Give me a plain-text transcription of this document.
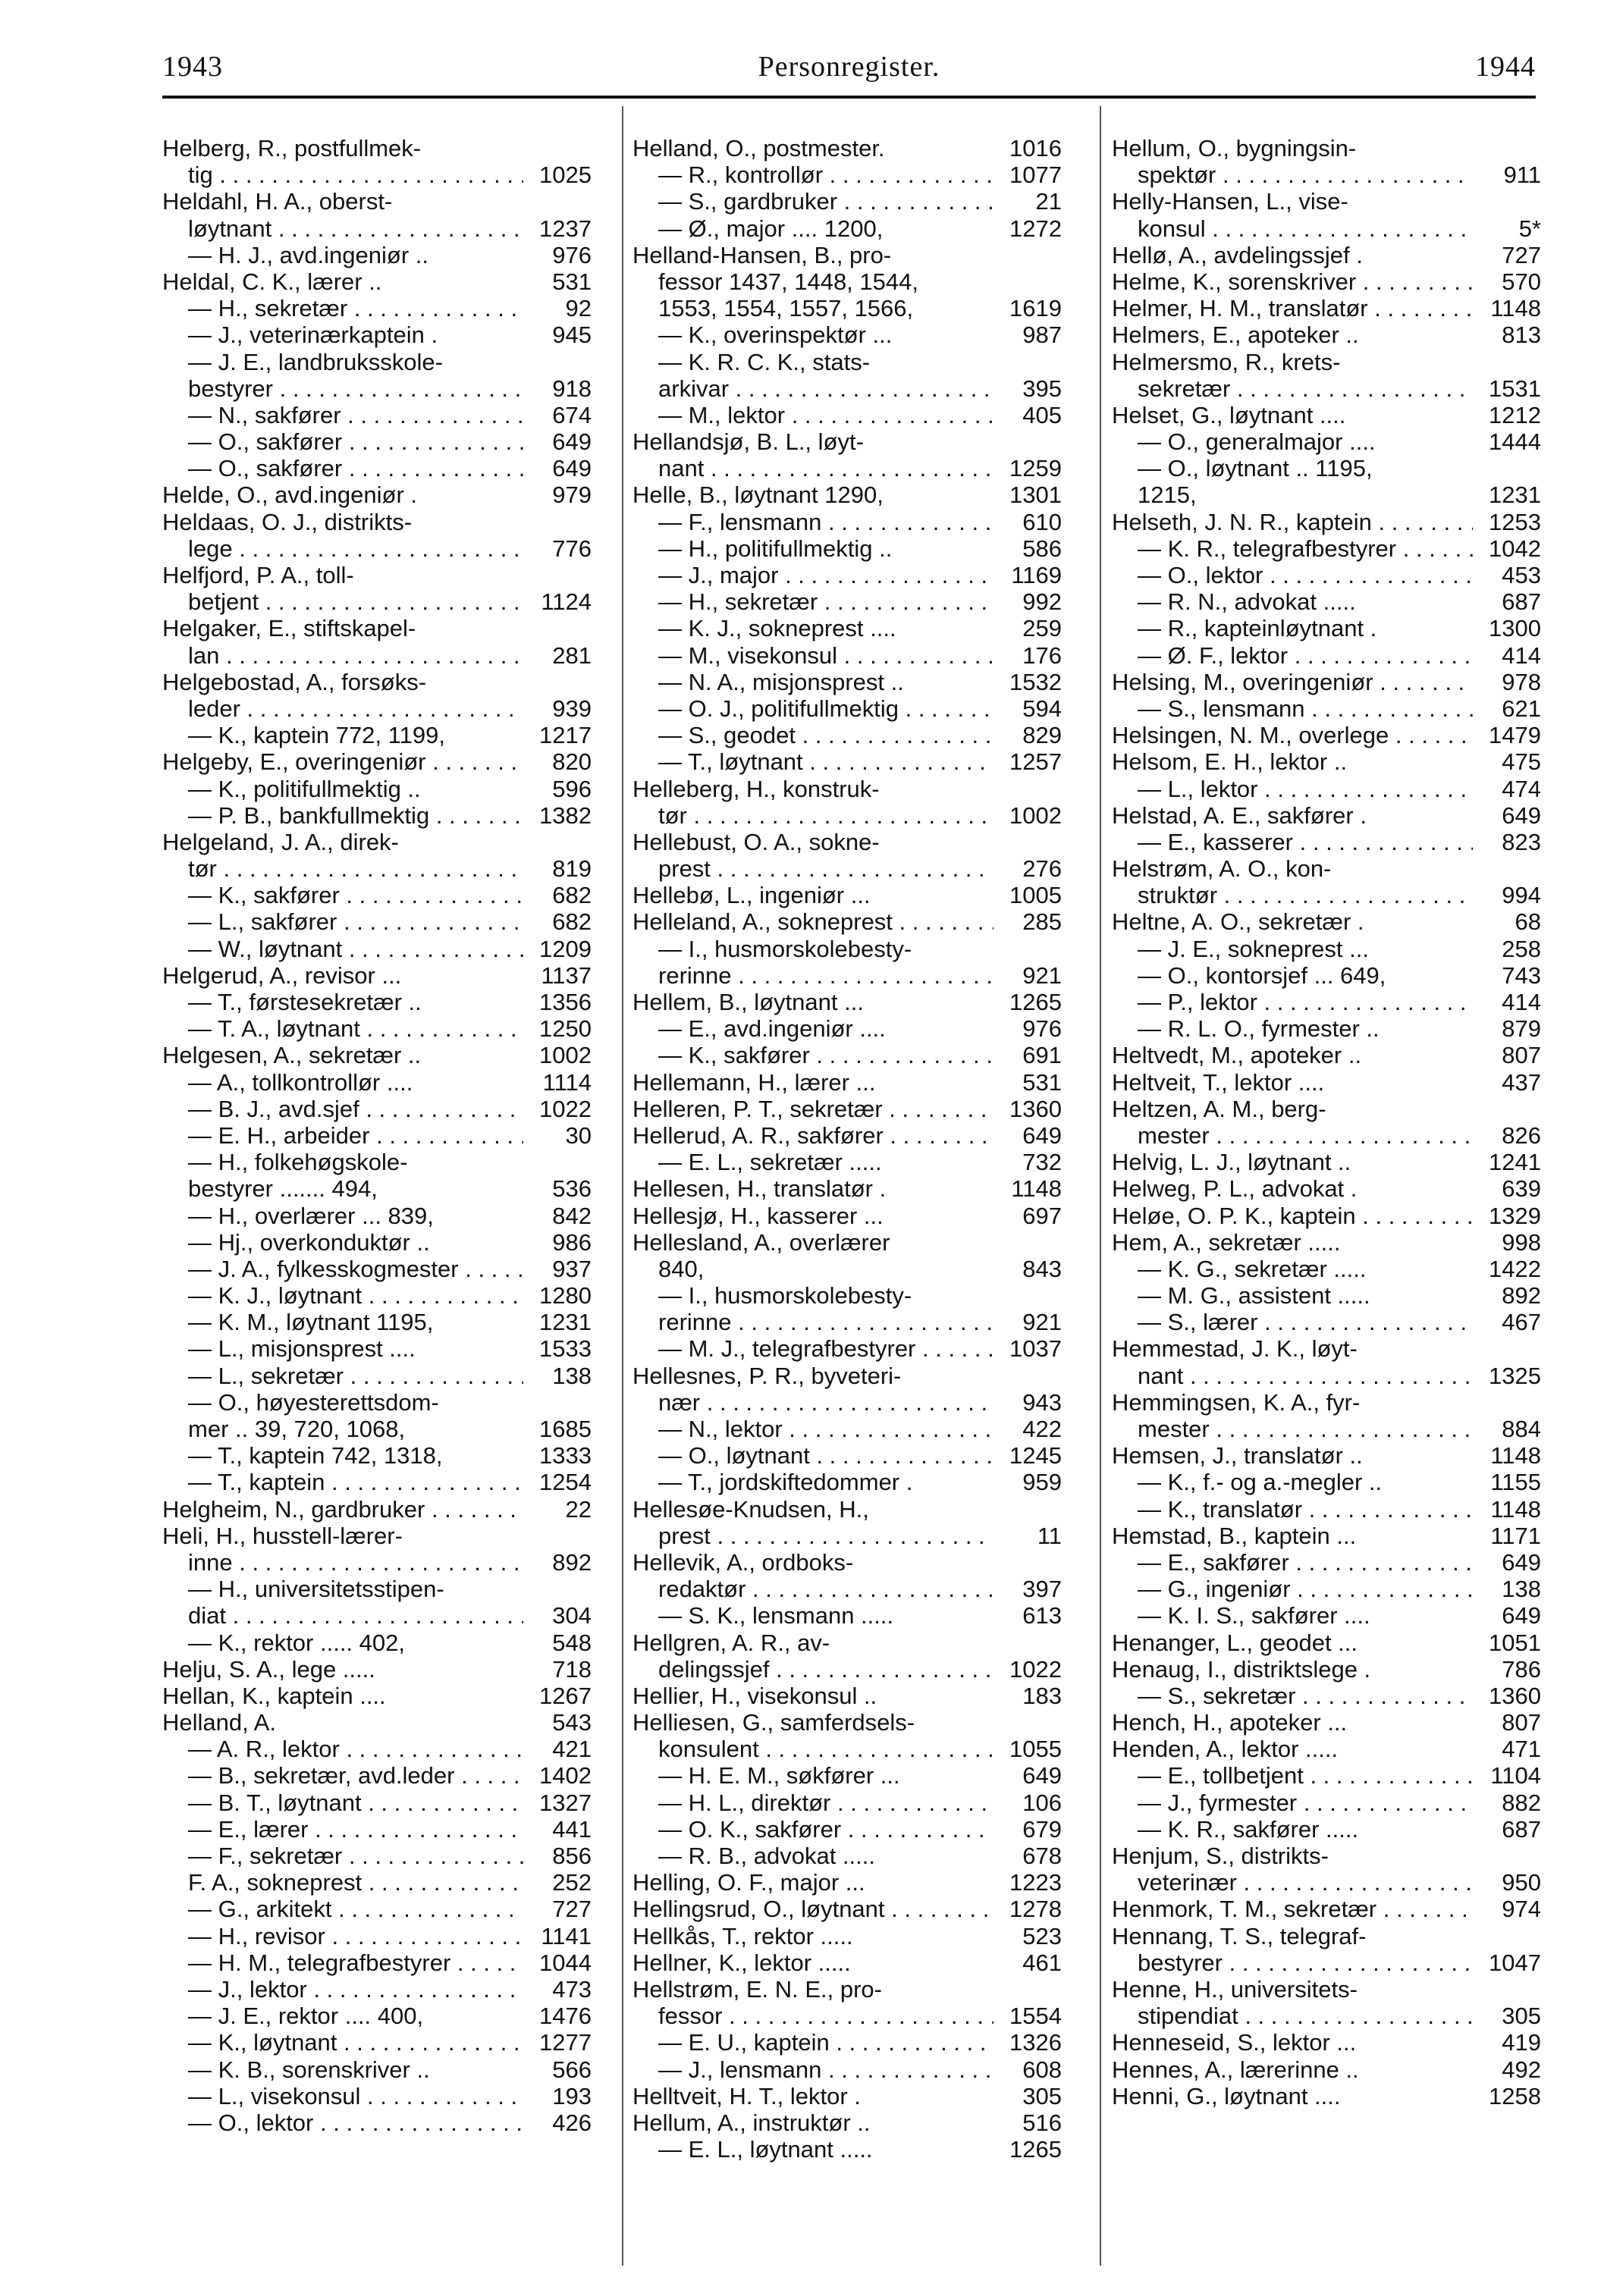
1943	Personregister.	1944
Helberg, R., postfullmek-
tig . . .	1025
Heldahl, H. A., oberst-
løytnant . . .	1237
— H. J., avd.ingeniør ..	976
Heldal, C. K., lærer ..	531
— H., sekretær . . .	92
— J., veterinærkaptein .	945
— J. E., landbruksskole-
bestyrer . . .	918
— N., sakfører . . .	674
— O., sakfører . . .	649
— O., sakfører . . .	649
Helde, O., avd.ingeniør .	979
Heldaas, O. J., distrikts-
lege . . .	776
Helfjord, P. A., toll-
betjent . . .	1124
Helgaker, E., stiftskapel-
lan . . .	281
Helgebostad, A., forsøks-
leder . . .	939
— K., kaptein 772, 1199,	1217
Helgeby, E., overingeniør . . .	820
— K., politifullmektig ..	596
— P. B., bankfullmektig . . .	1382
Helgeland, J. A., direk-
tør . . .	819
— K., sakfører . . .	682
— L., sakfører . . .	682
— W., løytnant . . .	1209
Helgerud, A., revisor ...	1137
— T., førstesekretær ..	1356
— T. A., løytnant . . .	1250
Helgesen, A., sekretær ..	1002
— A., tollkontrollør ....	1114
— B. J., avd.sjef . . .	1022
— E. H., arbeider . . .	30
— H., folkehøgskole-
bestyrer ....... 494,	536
— H., overlærer ... 839,	842
— Hj., overkonduktør ..	986
— J. A., fylkesskogmester . . .	937
— K. J., løytnant . . .	1280
— K. M., løytnant 1195,	1231
— L., misjonsprest ....	1533
— L., sekretær . . .	138
— O., høyesterettsdom-
mer .. 39, 720, 1068,	1685
— T., kaptein 742, 1318,	1333
— T., kaptein . . .	1254
Helgheim, N., gardbruker . . .	22
Heli, H., husstell-lærer-
inne . . .	892
— H., universitetsstipen-
diat . . .	304
— K., rektor ..... 402,	548
Helju, S. A., lege .....	718
Hellan, K., kaptein ....	1267
Helland, A.	543
— A. R., lektor . . .	421
— B., sekretær, avd.leder . . .	1402
— B. T., løytnant . . .	1327
— E., lærer . . .	441
— F., sekretær . . .	856
F. A., sokneprest . . .	252
— G., arkitekt . . .	727
— H., revisor . . .	1141
— H. M., telegrafbestyrer . . .	1044
— J., lektor . . .	473
— J. E., rektor .... 400,	1476
— K., løytnant . . .	1277
— K. B., sorenskriver ..	566
— L., visekonsul . . .	193
— O., lektor . . .	426
Helland, O., postmester.	1016
— R., kontrollør . . .	1077
— S., gardbruker . . .	21
— Ø., major .... 1200,	1272
Helland-Hansen, B., pro-
fessor 1437, 1448, 1544,
1553, 1554, 1557, 1566,	1619
— K., overinspektør ...	987
— K. R. C. K., stats-
arkivar . . .	395
— M., lektor . . .	405
Hellandsjø, B. L., løyt-
nant . . .	1259
Helle, B., løytnant 1290,	1301
— F., lensmann . . .	610
— H., politifullmektig ..	586
— J., major . . .	1169
— H., sekretær . . .	992
— K. J., sokneprest ....	259
— M., visekonsul . . .	176
— N. A., misjonsprest ..	1532
— O. J., politifullmektig . . .	594
— S., geodet . . .	829
— T., løytnant . . .	1257
Helleberg, H., konstruk-
tør . . .	1002
Hellebust, O. A., sokne-
prest . . .	276
Hellebø, L., ingeniør ...	1005
Helleland, A., sokneprest . . .	285
— I., husmorskolebesty-
rerinne . . .	921
Hellem, B., løytnant ...	1265
— E., avd.ingeniør ....	976
— K., sakfører . . .	691
Hellemann, H., lærer ...	531
Helleren, P. T., sekretær . . .	1360
Hellerud, A. R., sakfører . . .	649
— E. L., sekretær .....	732
Hellesen, H., translatør .	1148
Hellesjø, H., kasserer ...	697
Hellesland, A., overlærer
840,	843
— I., husmorskolebesty-
rerinne . . .	921
— M. J., telegrafbestyrer . . .	1037
Hellesnes, P. R., byveteri-
nær . . .	943
— N., lektor . . .	422
— O., løytnant . . .	1245
— T., jordskiftedommer .	959
Hellesøe-Knudsen, H.,
prest . . .	11
Hellevik, A., ordboks-
redaktør . . .	397
— S. K., lensmann .....	613
Hellgren, A. R., av-
delingssjef . . .	1022
Hellier, H., visekonsul ..	183
Helliesen, G., samferdsels-
konsulent . . .	1055
— H. E. M., søkfører ...	649
— H. L., direktør . . .	106
— O. K., sakfører . . .	679
— R. B., advokat .....	678
Helling, O. F., major ...	1223
Hellingsrud, O., løytnant . . .	1278
Hellkås, T., rektor .....	523
Hellner, K., lektor .....	461
Hellstrøm, E. N. E., pro-
fessor . . .	1554
— E. U., kaptein . . .	1326
— J., lensmann . . .	608
Helltveit, H. T., lektor .	305
Hellum, A., instruktør ..	516
— E. L., løytnant .....	1265
Hellum, O., bygningsin-
spektør . . .	911
Helly-Hansen, L., vise-
konsul . . .	5*
Hellø, A., avdelingssjef .	727
Helme, K., sorenskriver . . .	570
Helmer, H. M., translatør . . .	1148
Helmers, E., apoteker ..	813
Helmersmo, R., krets-
sekretær . . .	1531
Helset, G., løytnant ....	1212
— O., generalmajor ....	1444
— O., løytnant .. 1195,
1215,	1231
Helseth, J. N. R., kaptein . . .	1253
— K. R., telegrafbestyrer . . .	1042
— O., lektor . . .	453
— R. N., advokat .....	687
— R., kapteinløytnant .	1300
— Ø. F., lektor . . .	414
Helsing, M., overingeniør . . .	978
— S., lensmann . . .	621
Helsingen, N. M., overlege . . .	1479
Helsom, E. H., lektor ..	475
— L., lektor . . .	474
Helstad, A. E., sakfører .	649
— E., kasserer . . .	823
Helstrøm, A. O., kon-
struktør . . .	994
Heltne, A. O., sekretær .	68
— J. E., sokneprest ...	258
— O., kontorsjef ... 649,	743
— P., lektor . . .	414
— R. L. O., fyrmester ..	879
Heltvedt, M., apoteker ..	807
Heltveit, T., lektor ....	437
Heltzen, A. M., berg-
mester . . .	826
Helvig, L. J., løytnant ..	1241
Helweg, P. L., advokat .	639
Heløe, O. P. K., kaptein . . .	1329
Hem, A., sekretær .....	998
— K. G., sekretær .....	1422
— M. G., assistent .....	892
— S., lærer . . .	467
Hemmestad, J. K., løyt-
nant . . .	1325
Hemmingsen, K. A., fyr-
mester . . .	884
Hemsen, J., translatør ..	1148
— K., f.- og a.-megler ..	1155
— K., translatør . . .	1148
Hemstad, B., kaptein ...	1171
— E., sakfører . . .	649
— G., ingeniør . . .	138
— K. I. S., sakfører ....	649
Henanger, L., geodet ...	1051
Henaug, I., distriktslege .	786
— S., sekretær . . .	1360
Hench, H., apoteker ...	807
Henden, A., lektor .....	471
— E., tollbetjent . . .	1104
— J., fyrmester . . .	882
— K. R., sakfører .....	687
Henjum, S., distrikts-
veterinær . . .	950
Henmork, T. M., sekretær . . .	974
Hennang, T. S., telegraf-
bestyrer . . .	1047
Henne, H., universitets-
stipendiat . . .	305
Henneseid, S., lektor ...	419
Hennes, A., lærerinne ..	492
Henni, G., løytnant ....	1258
